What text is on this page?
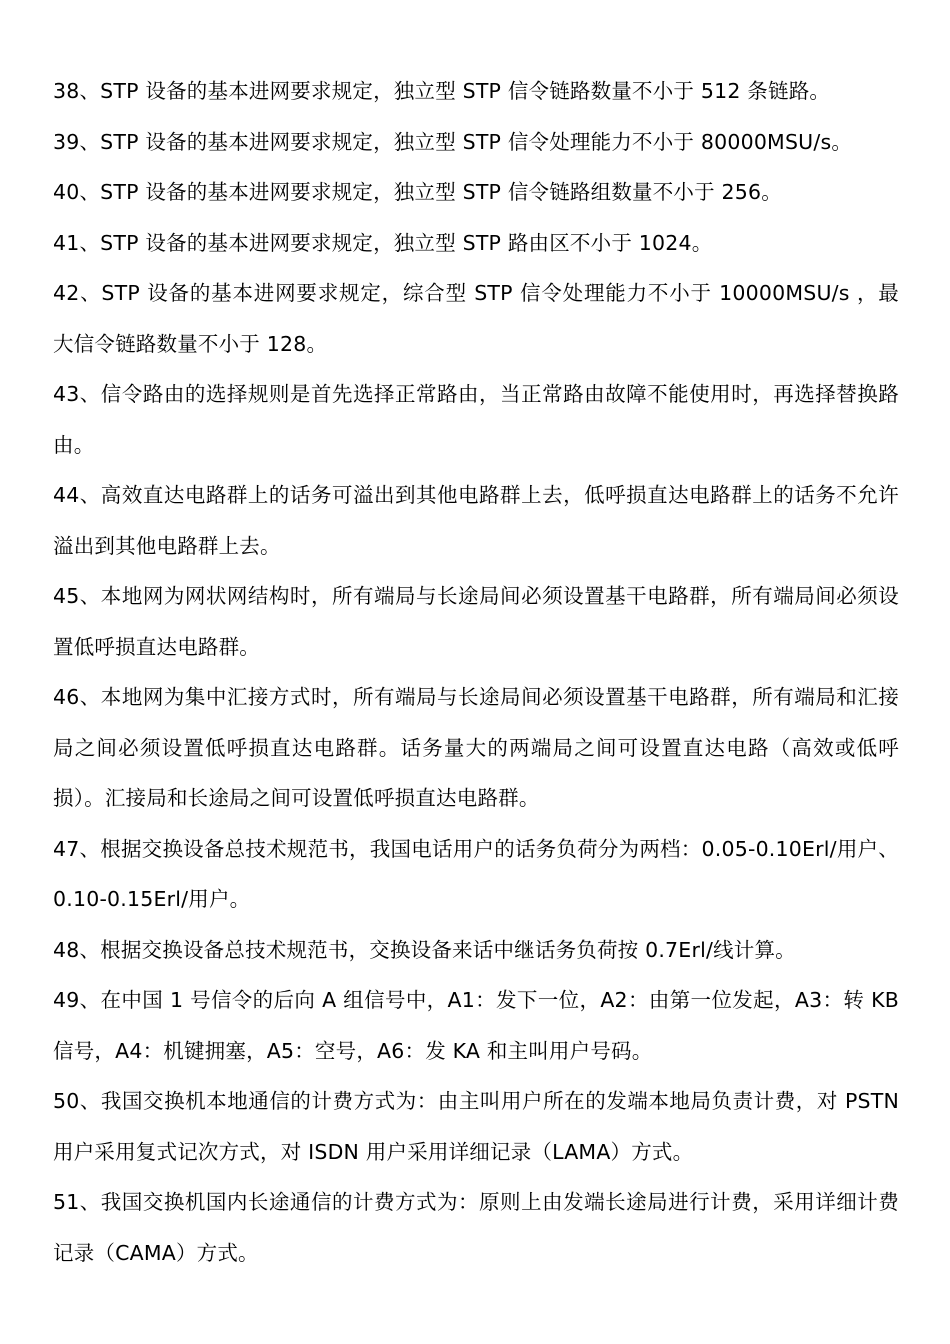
38、STP 设备的基本进网要求规定，独立型 STP 信令链路数量不小于 512 条链路。

39、STP 设备的基本进网要求规定，独立型 STP 信令处理能力不小于 80000MSU/s。

40、STP 设备的基本进网要求规定，独立型 STP 信令链路组数量不小于 256。

41、STP 设备的基本进网要求规定，独立型 STP 路由区不小于 1024。

42、STP 设备的基本进网要求规定，综合型 STP 信令处理能力不小于 10000MSU/s ，最大信令链路数量不小于 128。

43、信令路由的选择规则是首先选择正常路由，当正常路由故障不能使用时，再选择替换路由。

44、高效直达电路群上的话务可溢出到其他电路群上去，低呼损直达电路群上的话务不允许溢出到其他电路群上去。

45、本地网为网状网结构时，所有端局与长途局间必须设置基干电路群，所有端局间必须设置低呼损直达电路群。

46、本地网为集中汇接方式时，所有端局与长途局间必须设置基干电路群，所有端局和汇接局之间必须设置低呼损直达电路群。话务量大的两端局之间可设置直达电路（高效或低呼损）。汇接局和长途局之间可设置低呼损直达电路群。

47、根据交换设备总技术规范书，我国电话用户的话务负荷分为两档：0.05-0.10Erl/用户、0.10-0.15Erl/用户。

48、根据交换设备总技术规范书，交换设备来话中继话务负荷按 0.7Erl/线计算。

49、在中国 1 号信令的后向 A 组信号中，A1：发下一位，A2：由第一位发起，A3：转 KB 信号，A4：机键拥塞，A5：空号，A6：发 KA 和主叫用户号码。

50、我国交换机本地通信的计费方式为：由主叫用户所在的发端本地局负责计费，对 PSTN 用户采用复式记次方式，对 ISDN 用户采用详细记录（LAMA）方式。

51、我国交换机国内长途通信的计费方式为：原则上由发端长途局进行计费，采用详细计费记录（CAMA）方式。
